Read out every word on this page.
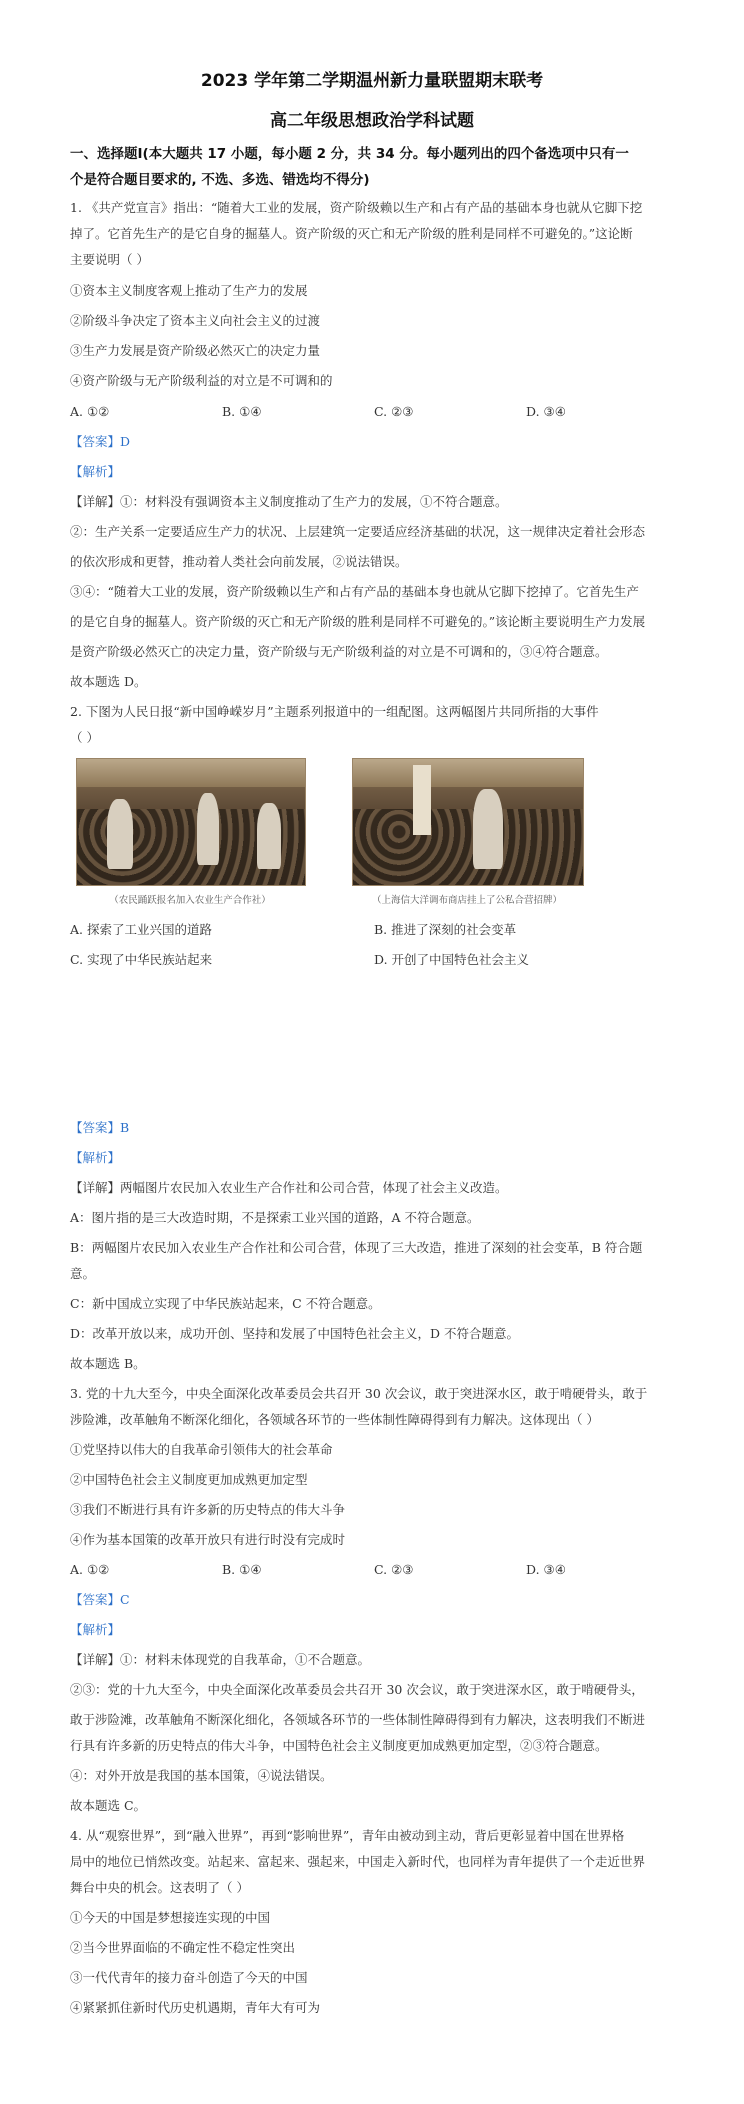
2023 学年第二学期温州新力量联盟期末联考
高二年级思想政治学科试题
一、选择题Ⅰ(本大题共 17 小题，每小题 2 分，共 34 分。每小题列出的四个备选项中只有一
个是符合题目要求的, 不选、多选、错选均不得分)
1. 《共产党宣言》指出：“随着大工业的发展，资产阶级赖以生产和占有产品的基础本身也就从它脚下挖
掉了。它首先生产的是它自身的掘墓人。资产阶级的灭亡和无产阶级的胜利是同样不可避免的。”这论断
主要说明（ ）
①资本主义制度客观上推动了生产力的发展
②阶级斗争决定了资本主义向社会主义的过渡
③生产力发展是资产阶级必然灭亡的决定力量
④资产阶级与无产阶级利益的对立是不可调和的
A. ①②	B. ①④	C. ②③	D. ③④
【答案】D
【解析】
【详解】①：材料没有强调资本主义制度推动了生产力的发展，①不符合题意。
②：生产关系一定要适应生产力的状况、上层建筑一定要适应经济基础的状况，这一规律决定着社会形态
的依次形成和更替，推动着人类社会向前发展，②说法错误。
③④：“随着大工业的发展，资产阶级赖以生产和占有产品的基础本身也就从它脚下挖掉了。它首先生产
的是它自身的掘墓人。资产阶级的灭亡和无产阶级的胜利是同样不可避免的。”该论断主要说明生产力发展
是资产阶级必然灭亡的决定力量，资产阶级与无产阶级利益的对立是不可调和的，③④符合题意。
故本题选 D。
2. 下图为人民日报“新中国峥嵘岁月”主题系列报道中的一组配图。这两幅图片共同所指的大事件
（ ）
（农民踊跃报名加入农业生产合作社）	（上海信大洋调布商店挂上了公私合营招牌）
A. 探索了工业兴国的道路	B. 推进了深刻的社会变革
C. 实现了中华民族站起来	D. 开创了中国特色社会主义
【答案】B
【解析】
【详解】两幅图片农民加入农业生产合作社和公司合营，体现了社会主义改造。
A：图片指的是三大改造时期，不是探索工业兴国的道路，A 不符合题意。
B：两幅图片农民加入农业生产合作社和公司合营，体现了三大改造，推进了深刻的社会变革，B 符合题
意。
C：新中国成立实现了中华民族站起来，C 不符合题意。
D：改革开放以来，成功开创、坚持和发展了中国特色社会主义，D 不符合题意。
故本题选 B。
3. 党的十九大至今，中央全面深化改革委员会共召开 30 次会议，敢于突进深水区，敢于啃硬骨头，敢于
涉险滩，改革触角不断深化细化，各领域各环节的一些体制性障碍得到有力解决。这体现出（ ）
①党坚持以伟大的自我革命引领伟大的社会革命
②中国特色社会主义制度更加成熟更加定型
③我们不断进行具有许多新的历史特点的伟大斗争
④作为基本国策的改革开放只有进行时没有完成时
A. ①②	B. ①④	C. ②③	D. ③④
【答案】C
【解析】
【详解】①：材料未体现党的自我革命，①不合题意。
②③：党的十九大至今，中央全面深化改革委员会共召开 30 次会议，敢于突进深水区，敢于啃硬骨头，
敢于涉险滩，改革触角不断深化细化，各领域各环节的一些体制性障碍得到有力解决，这表明我们不断进
行具有许多新的历史特点的伟大斗争，中国特色社会主义制度更加成熟更加定型，②③符合题意。
④：对外开放是我国的基本国策，④说法错误。
故本题选 C。
4. 从“观察世界”，到“融入世界”，再到“影响世界”，青年由被动到主动，背后更彰显着中国在世界格
局中的地位已悄然改变。站起来、富起来、强起来，中国走入新时代，也同样为青年提供了一个走近世界
舞台中央的机会。这表明了（ ）
①今天的中国是梦想接连实现的中国
②当今世界面临的不确定性不稳定性突出
③一代代青年的接力奋斗创造了今天的中国
④紧紧抓住新时代历史机遇期，青年大有可为
